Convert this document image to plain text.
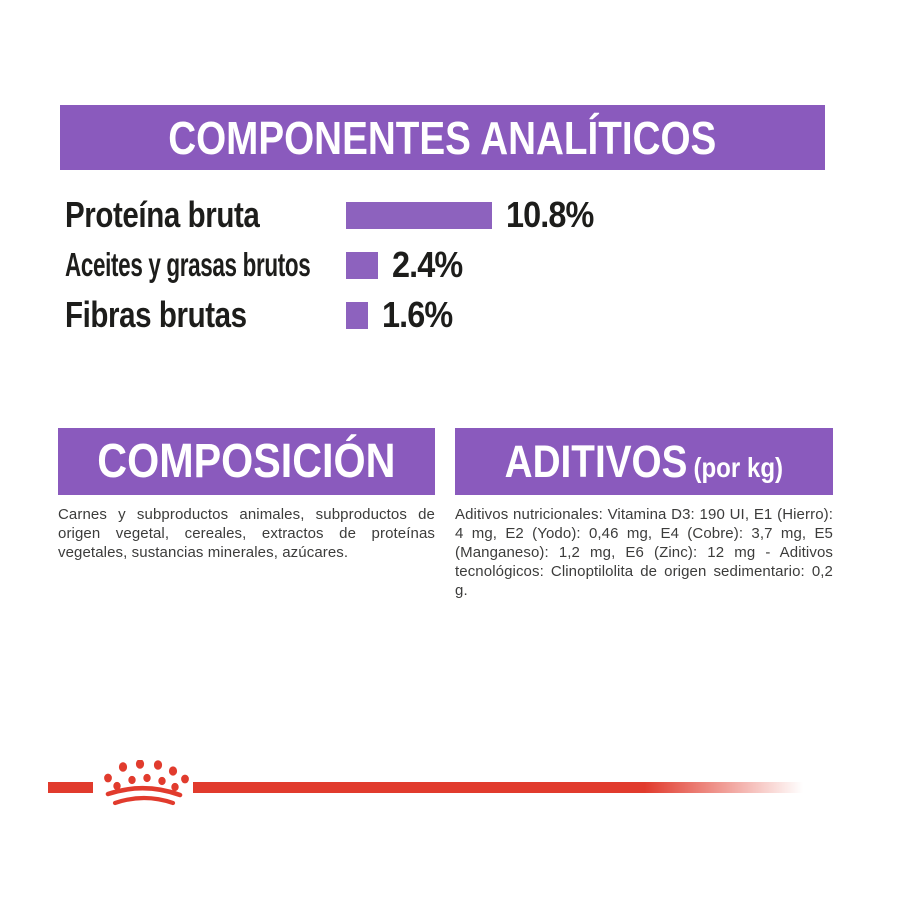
COMPONENTES ANALÍTICOS
Proteína bruta	10.8%
Aceites y grasas brutos 2.4%
Fibras brutas	1.6%
COMPOSICIÓN
Carnes y subproductos animales, subproductos de origen vegetal, cereales, extractos de proteínas vegetales, sustancias minerales, azúcares.
ADITIVOS (por kg)
Aditivos nutricionales: Vitamina D3: 190 UI, E1 (Hierro): 4 mg, E2 (Yodo): 0,46 mg, E4 (Cobre): 3,7 mg, E5 (Manganeso): 1,2 mg, E6 (Zinc): 12 mg - Aditivos tecnológicos: Clinoptilolita de origen sedimentario: 0,2 g.
